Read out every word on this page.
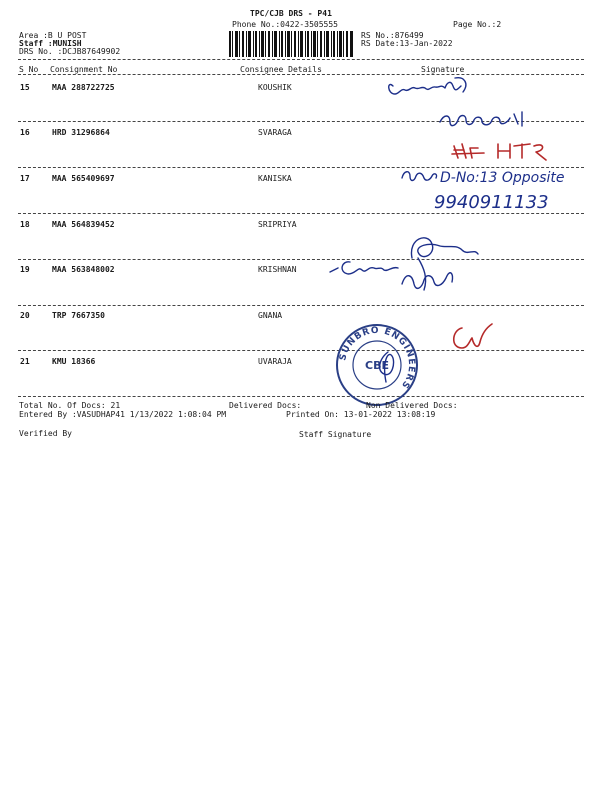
TPC/CJB DRS - P41
Phone No.:0422-3505555	Page No.:2
Area :B U POST
Staff :MUNISH
DRS No. :DCJB87649902
RS No.:876499
RS Date:13-Jan-2022
S No Consignment No	Consignee Details	Signature
15	MAA 288722725	KOUSHIK
16	HRD 31296864	SVARAGA
17	MAA 565409697	KANISKA
18	MAA 564839452	SRIPRIYA
19	MAA 563848002	KRISHNAN
20	TRP 7667350	GNANA
21	KMU 18366	UVARAJA
D-No:13 Opposite
9940911133
SUNBRO ENGINEERS
CBE
Total No. Of Docs: 21	Delivered Docs:	Non Delivered Docs:
Entered By :VASUDHAP41 1/13/2022 1:08:04 PM	Printed On: 13-01-2022 13:08:19
Verified By	Staff Signature
